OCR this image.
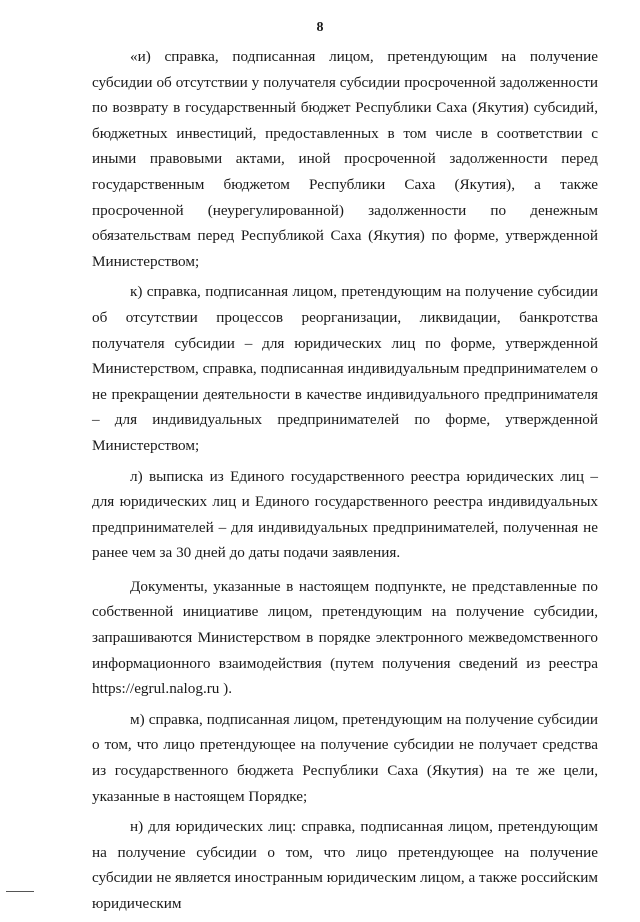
8

«и) справка, подписанная лицом, претендующим на получение субсидии об отсутствии у получателя субсидии просроченной задолженности по возврату в государственный бюджет Республики Саха (Якутия) субсидий, бюджетных инвестиций, предоставленных в том числе в соответствии с иными правовыми актами, иной просроченной задолженности перед государственным бюджетом Республики Саха (Якутия), а также просроченной (неурегулированной) задолженности по денежным обязательствам перед Республикой Саха (Якутия) по форме, утвержденной Министерством;

к) справка, подписанная лицом, претендующим на получение субсидии об отсутствии процессов реорганизации, ликвидации, банкротства получателя субсидии – для юридических лиц по форме, утвержденной Министерством, справка, подписанная индивидуальным предпринимателем о не прекращении деятельности в качестве индивидуального предпринимателя – для индивидуальных предпринимателей по форме, утвержденной Министерством;

л) выписка из Единого государственного реестра юридических лиц – для юридических лиц и Единого государственного реестра индивидуальных предпринимателей – для индивидуальных предпринимателей, полученная не ранее чем за 30 дней до даты подачи заявления.

Документы, указанные в настоящем подпункте, не представленные по собственной инициативе лицом, претендующим на получение субсидии, запрашиваются Министерством в порядке электронного межведомственного информационного взаимодействия (путем получения сведений из реестра https://egrul.nalog.ru ).

м) справка, подписанная лицом, претендующим на получение субсидии о том, что лицо претендующее на получение субсидии не получает средства из государственного бюджета Республики Саха (Якутия) на те же цели, указанные в настоящем Порядке;

н) для юридических лиц: справка, подписанная лицом, претендующим на получение субсидии о том, что лицо претендующее на получение субсидии не является иностранным юридическим лицом, а также российским юридическим
